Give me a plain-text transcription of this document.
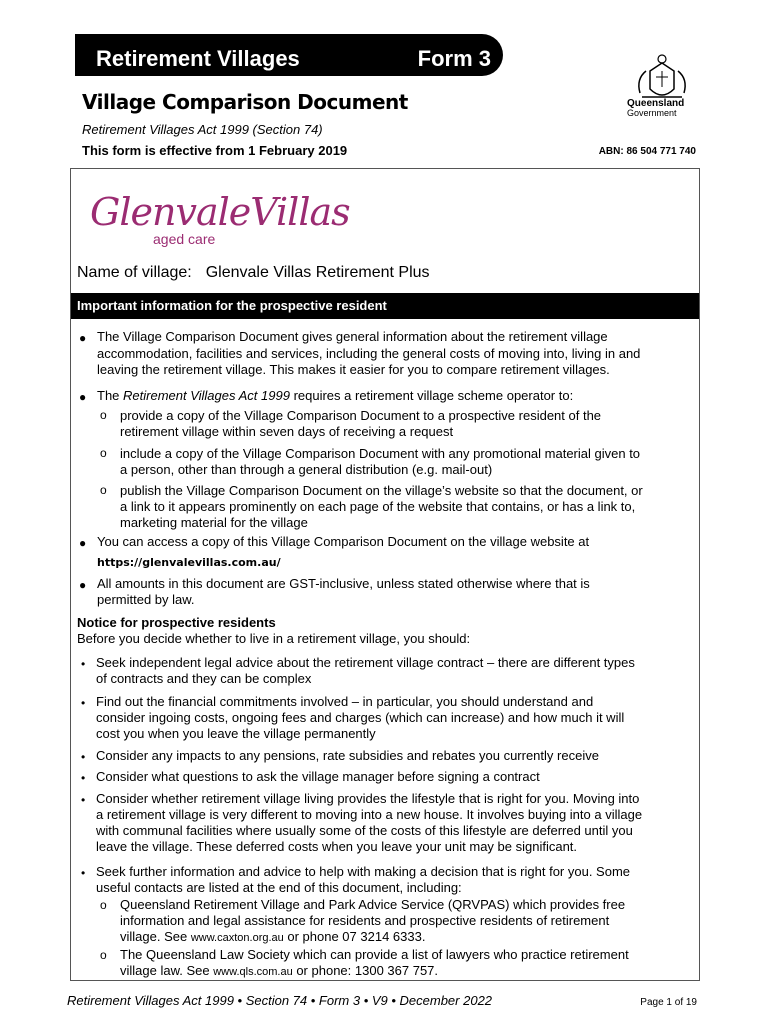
Retirement Villages	Form 3
Queensland
Government
Village Comparison Document
Retirement Villages Act 1999 (Section 74)
This form is effective from 1 February 2019	ABN: 86 504 771 740
GlenvaleVillas
aged care
Name of village: Glenvale Villas Retirement Plus
Important information for the prospective resident
● The Village Comparison Document gives general information about the retirement village
accommodation, facilities and services, including the general costs of moving into, living in and
leaving the retirement village. This makes it easier for you to compare retirement villages.
● The Retirement Villages Act 1999 requires a retirement village scheme operator to:
o provide a copy of the Village Comparison Document to a prospective resident of the
retirement village within seven days of receiving a request
o include a copy of the Village Comparison Document with any promotional material given to
a person, other than through a general distribution (e.g. mail-out)
o publish the Village Comparison Document on the village’s website so that the document, or
a link to it appears prominently on each page of the website that contains, or has a link to,
marketing material for the village
● You can access a copy of this Village Comparison Document on the village website at
https://glenvalevillas.com.au/
● All amounts in this document are GST-inclusive, unless stated otherwise where that is
permitted by law.
Notice for prospective residents
Before you decide whether to live in a retirement village, you should:
• Seek independent legal advice about the retirement village contract – there are different types
of contracts and they can be complex
• Find out the financial commitments involved – in particular, you should understand and
consider ingoing costs, ongoing fees and charges (which can increase) and how much it will
cost you when you leave the village permanently
• Consider any impacts to any pensions, rate subsidies and rebates you currently receive
• Consider what questions to ask the village manager before signing a contract
• Consider whether retirement village living provides the lifestyle that is right for you. Moving into
a retirement village is very different to moving into a new house. It involves buying into a village
with communal facilities where usually some of the costs of this lifestyle are deferred until you
leave the village. These deferred costs when you leave your unit may be significant.
• Seek further information and advice to help with making a decision that is right for you. Some
useful contacts are listed at the end of this document, including:
o Queensland Retirement Village and Park Advice Service (QRVPAS) which provides free
information and legal assistance for residents and prospective residents of retirement
village. See www.caxton.org.au or phone 07 3214 6333.
o The Queensland Law Society which can provide a list of lawyers who practice retirement
village law. See www.qls.com.au or phone: 1300 367 757.
Retirement Villages Act 1999 • Section 74 • Form 3 • V9 • December 2022	Page 1 of 19
